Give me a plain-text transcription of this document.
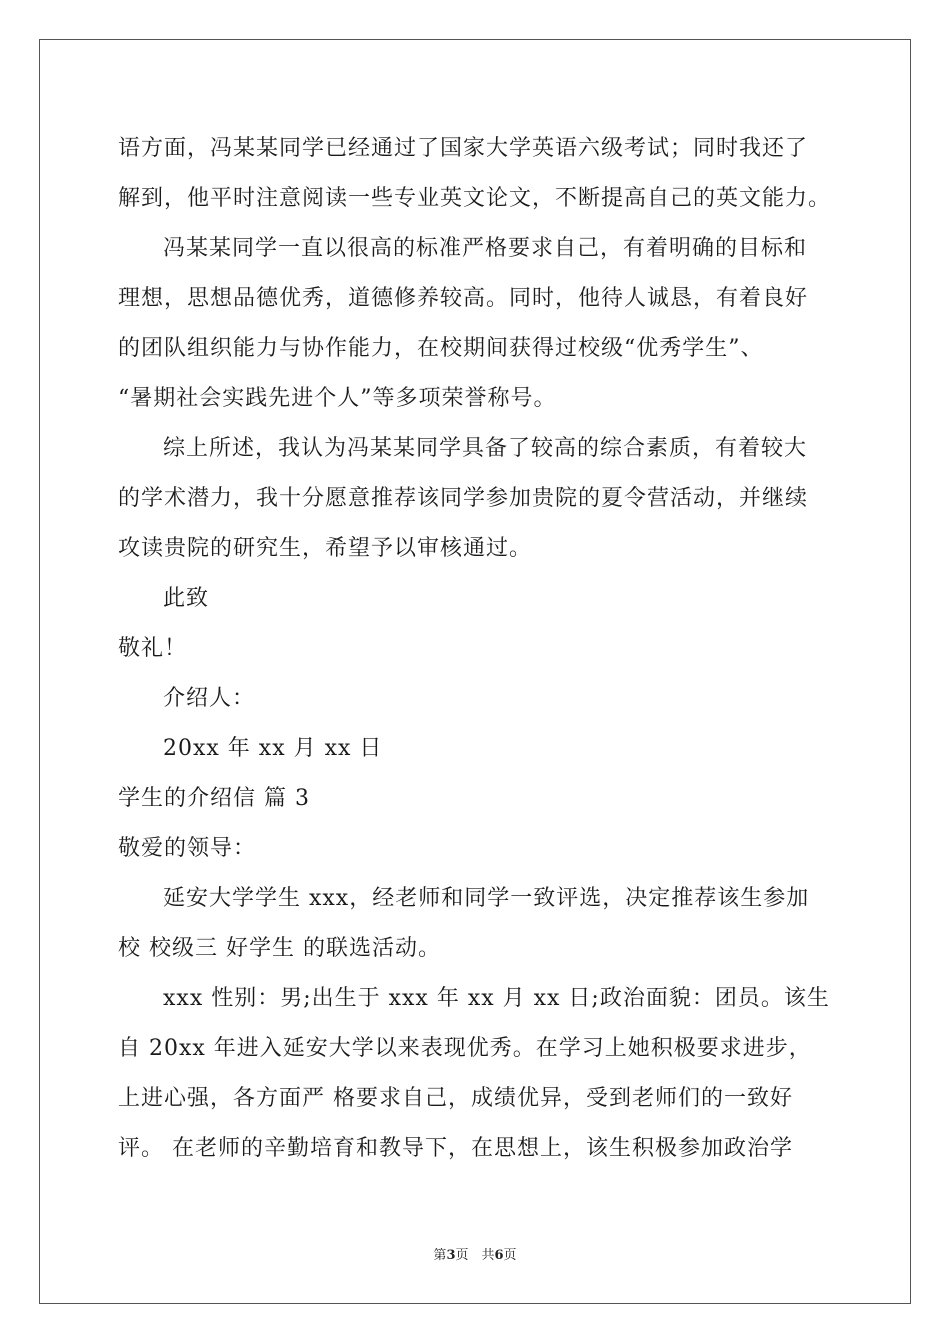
语方面，冯某某同学已经通过了国家大学英语六级考试；同时我还了
解到，他平时注意阅读一些专业英文论文，不断提高自己的英文能力。
冯某某同学一直以很高的标准严格要求自己，有着明确的目标和
理想，思想品德优秀，道德修养较高。同时，他待人诚恳，有着良好
的团队组织能力与协作能力，在校期间获得过校级“优秀学生”、
“暑期社会实践先进个人”等多项荣誉称号。
综上所述，我认为冯某某同学具备了较高的综合素质，有着较大
的学术潜力，我十分愿意推荐该同学参加贵院的夏令营活动，并继续
攻读贵院的研究生，希望予以审核通过。
此致
敬礼！
介绍人：
20xx 年 xx 月 xx 日
学生的介绍信 篇 3
敬爱的领导：
延安大学学生 xxx，经老师和同学一致评选，决定推荐该生参加
校 校级三 好学生 的联选活动。
xxx 性别：男;出生于 xxx 年 xx 月 xx 日;政治面貌：团员。该生
自 20xx 年进入延安大学以来表现优秀。在学习上她积极要求进步，
上进心强，各方面严 格要求自己，成绩优异，受到老师们的一致好
评。 在老师的辛勤培育和教导下，在思想上，该生积极参加政治学
第3页　共6页
